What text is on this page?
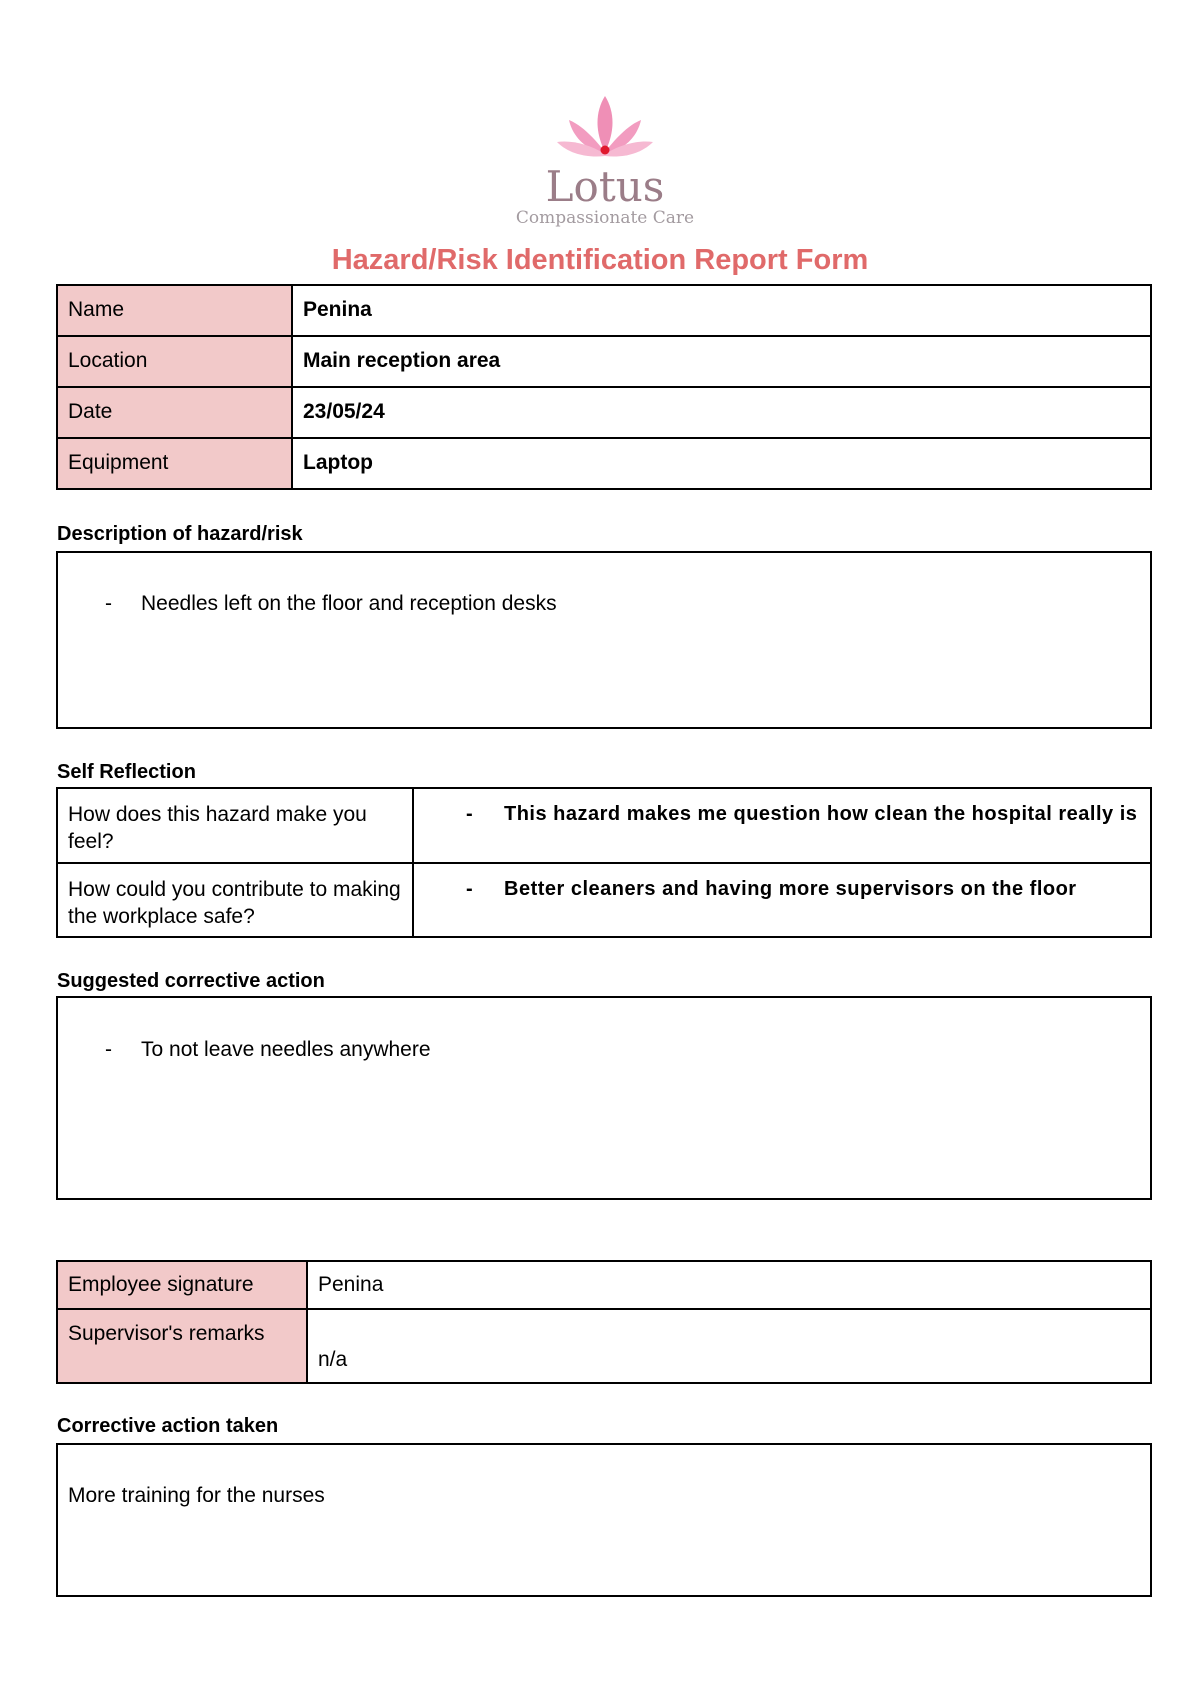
Lotus
Compassionate Care
Hazard/Risk Identification Report Form
Name	Penina
Location	Main reception area
Date	23/05/24
Equipment	Laptop
Description of hazard/risk
- Needles left on the floor and reception desks
Self Reflection
How does this hazard make you feel?	- This hazard makes me question how clean the hospital really is

How could you contribute to making the workplace safe?	- Better cleaners and having more supervisors on the floor
Suggested corrective action
- To not leave needles anywhere
Employee signature	Penina
Supervisor's remarks	n/a
Corrective action taken
More training for the nurses
